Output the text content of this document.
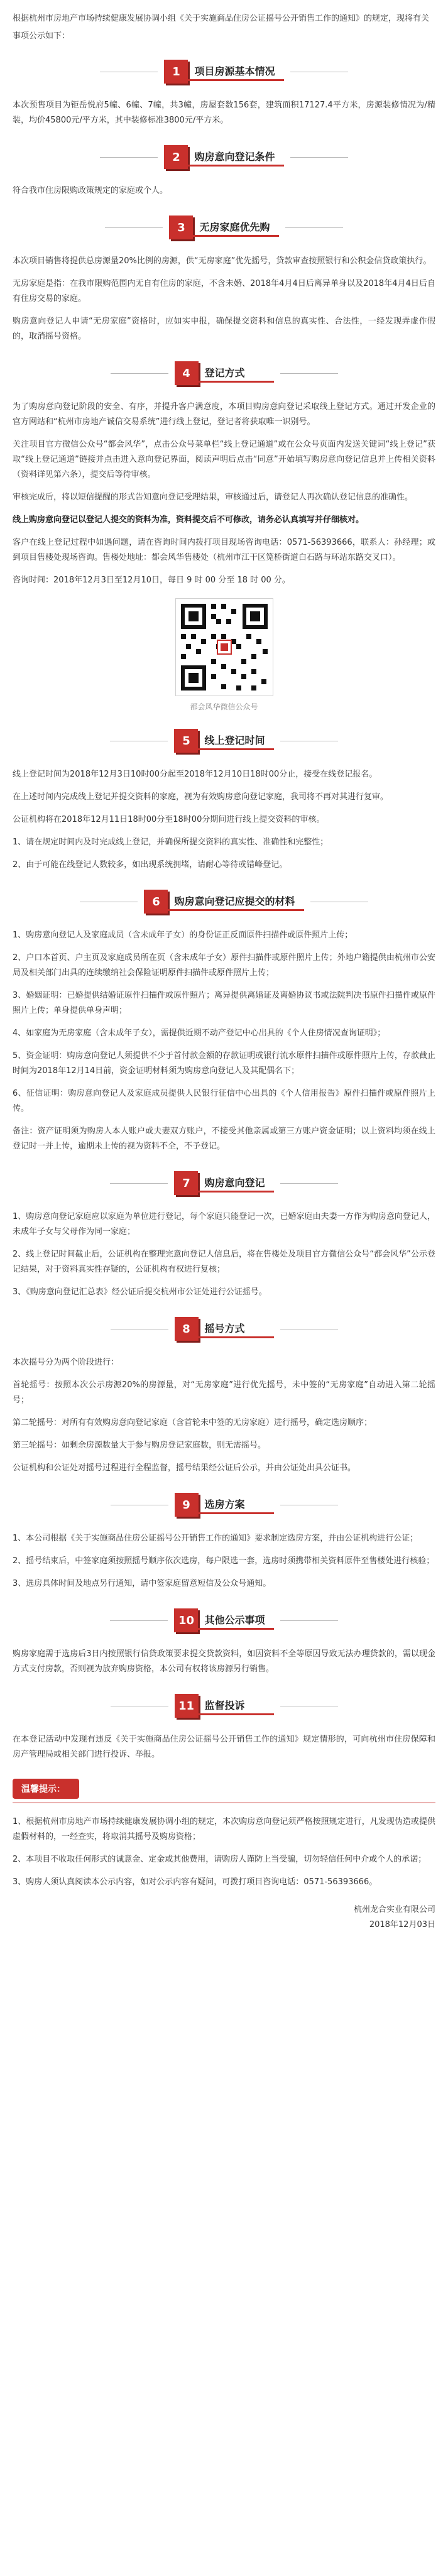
根据杭州市房地产市场持续健康发展协调小组《关于实施商品住房公证摇号公开销售工作的通知》的规定，现将有关事项公示如下：

1	项目房源基本情况

本次预售项目为钜岳悦府5幢、6幢、7幢，共3幢，房屋套数156套，建筑面积17127.4平方米，房源装修情况为/精装，均价45800元/平方米，其中装修标准3800元/平方米。

2	购房意向登记条件

符合我市住房限购政策规定的家庭或个人。

3	无房家庭优先购

本次项目销售将提供总房源量20%比例的房源，供“无房家庭”优先摇号，贷款审查按照银行和公积金信贷政策执行。

无房家庭是指：在我市限购范围内无自有住房的家庭，不含未婚、2018年4月4日后离异单身以及2018年4月4日后自有住房交易的家庭。

购房意向登记人申请“无房家庭”资格时，应如实申报，确保提交资料和信息的真实性、合法性，一经发现弄虚作假的，取消摇号资格。

4	登记方式

为了购房意向登记阶段的安全、有序，并提升客户满意度，本项目购房意向登记采取线上登记方式。通过开发企业的官方网站和“杭州市房地产诚信交易系统”进行线上登记，登记者将获取唯一识别号。

关注项目官方微信公众号“都会风华”，点击公众号菜单栏“线上登记通道”或在公众号页面内发送关键词“线上登记”获取“线上登记通道”链接并点击进入意向登记界面，阅读声明后点击“同意”开始填写购房意向登记信息并上传相关资料（资料详见第六条），提交后等待审核。

审核完成后，将以短信提醒的形式告知意向登记受理结果，审核通过后，请登记人再次确认登记信息的准确性。

线上购房意向登记以登记人提交的资料为准，资料提交后不可修改，请务必认真填写并仔细核对。

客户在线上登记过程中如遇问题，请在咨询时间内拨打项目现场咨询电话：0571-56393666，联系人：孙经理；或到项目售楼处现场咨询。售楼处地址：都会风华售楼处（杭州市江干区笕桥街道白石路与环站东路交叉口）。

咨询时间：2018年12月3日至12月10日，每日 9 时 00 分至 18 时 00 分。

都会风华微信公众号
5	线上登记时间

线上登记时间为2018年12月3日10时00分起至2018年12月10日18时00分止，接受在线登记报名。

在上述时间内完成线上登记并提交资料的家庭，视为有效购房意向登记家庭，我司将不再对其进行复审。

公证机构将在2018年12月11日18时00分至18时00分期间进行线上提交资料的审核。

1、请在规定时间内及时完成线上登记，并确保所提交资料的真实性、准确性和完整性；

2、由于可能在线登记人数较多，如出现系统拥堵，请耐心等待或错峰登记。

6	购房意向登记应提交的材料

1、购房意向登记人及家庭成员（含未成年子女）的身份证正反面原件扫描件或原件照片上传；

2、户口本首页、户主页及家庭成员所在页（含未成年子女）原件扫描件或原件照片上传；外地户籍提供由杭州市公安局及相关部门出具的连续缴纳社会保险证明原件扫描件或原件照片上传；

3、婚姻证明：已婚提供结婚证原件扫描件或原件照片；离异提供离婚证及离婚协议书或法院判决书原件扫描件或原件照片上传；单身提供单身声明；

4、如家庭为无房家庭（含未成年子女），需提供近期不动产登记中心出具的《个人住房情况查询证明》；

5、资金证明：购房意向登记人须提供不少于首付款金额的存款证明或银行流水原件扫描件或原件照片上传，存款截止时间为2018年12月14日前，资金证明材料须为购房意向登记人及其配偶名下；

6、征信证明：购房意向登记人及家庭成员提供人民银行征信中心出具的《个人信用报告》原件扫描件或原件照片上传。

备注：资产证明须为购房人本人账户或夫妻双方账户，不接受其他亲属或第三方账户资金证明；以上资料均须在线上登记时一并上传，逾期未上传的视为资料不全，不予登记。

7	购房意向登记

1、购房意向登记家庭应以家庭为单位进行登记，每个家庭只能登记一次，已婚家庭由夫妻一方作为购房意向登记人，未成年子女与父母作为同一家庭；

2、线上登记时间截止后，公证机构在整理完意向登记人信息后，将在售楼处及项目官方微信公众号“都会风华”公示登记结果，对于资料真实性存疑的，公证机构有权进行复核；

3、《购房意向登记汇总表》经公证后提交杭州市公证处进行公证摇号。

8	摇号方式

本次摇号分为两个阶段进行：

首轮摇号：按照本次公示房源20%的房源量，对“无房家庭”进行优先摇号，未中签的“无房家庭”自动进入第二轮摇号；

第二轮摇号：对所有有效购房意向登记家庭（含首轮未中签的无房家庭）进行摇号，确定选房顺序；

第三轮摇号：如剩余房源数量大于参与购房登记家庭数，则无需摇号。

公证机构和公证处对摇号过程进行全程监督，摇号结果经公证后公示，并由公证处出具公证书。

9	选房方案

1、本公司根据《关于实施商品住房公证摇号公开销售工作的通知》要求制定选房方案，并由公证机构进行公证；

2、摇号结束后，中签家庭须按照摇号顺序依次选房，每户限选一套，选房时须携带相关资料原件至售楼处进行核验；

3、选房具体时间及地点另行通知，请中签家庭留意短信及公众号通知。

10	其他公示事项

购房家庭需于选房后3日内按照银行信贷政策要求提交贷款资料，如因资料不全等原因导致无法办理贷款的，需以现金方式支付房款，否则视为放弃购房资格，本公司有权将该房源另行销售。

11	监督投诉

在本登记活动中发现有违反《关于实施商品住房公证摇号公开销售工作的通知》规定情形的，可向杭州市住房保障和房产管理局或相关部门进行投诉、举报。

温馨提示：

1、根据杭州市房地产市场持续健康发展协调小组的规定，本次购房意向登记须严格按照规定进行，凡发现伪造或提供虚假材料的，一经查实，将取消其摇号及购房资格；

2、本项目不收取任何形式的诚意金、定金或其他费用，请购房人谨防上当受骗，切勿轻信任何中介或个人的承诺；

3、购房人须认真阅读本公示内容，如对公示内容有疑问，可拨打项目咨询电话：0571-56393666。

杭州龙合实业有限公司
2018年12月03日
